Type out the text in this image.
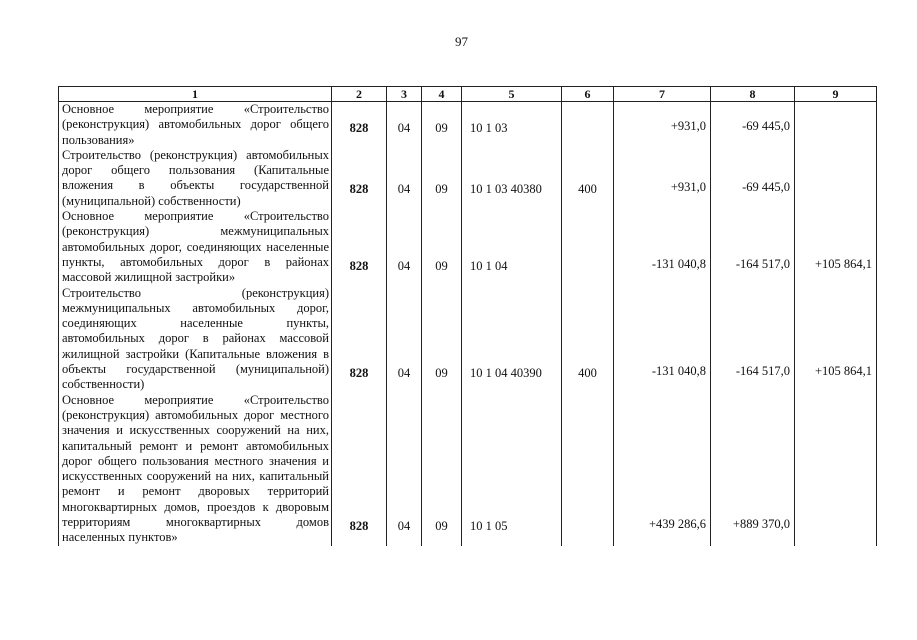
97
1	2	3	4	5	6	7	8	9
Основное мероприятие «Строительство (реконструкция) автомобильных дорог общего пользования»	828	04	09	10 1 03		+931,0	-69 445,0	
Строительство (реконструкция) автомобильных дорог общего пользования (Капитальные вложения в объекты государственной (муниципальной) собственности)	828	04	09	10 1 03 40380	400	+931,0	-69 445,0	
Основное мероприятие «Строительство (реконструкция) межмуниципальных автомобильных дорог, соединяющих населенные пункты, автомобильных дорог в районах массовой жилищной застройки»	828	04	09	10 1 04		-131 040,8	-164 517,0	+105 864,1
Строительство (реконструкция) межмуниципальных автомобильных дорог, соединяющих населенные пункты, автомобильных дорог в районах массовой жилищной застройки (Капитальные вложения в объекты государственной (муниципальной) собственности)	828	04	09	10 1 04 40390	400	-131 040,8	-164 517,0	+105 864,1
Основное мероприятие «Строительство (реконструкция) автомобильных дорог местного значения и искусственных сооружений на них, капитальный ремонт и ремонт автомобильных дорог общего пользования местного значения и искусственных сооружений на них, капитальный ремонт и ремонт дворовых территорий многоквартирных домов, проездов к дворовым территориям многоквартирных домов населенных пунктов»	828	04	09	10 1 05		+439 286,6	+889 370,0	
